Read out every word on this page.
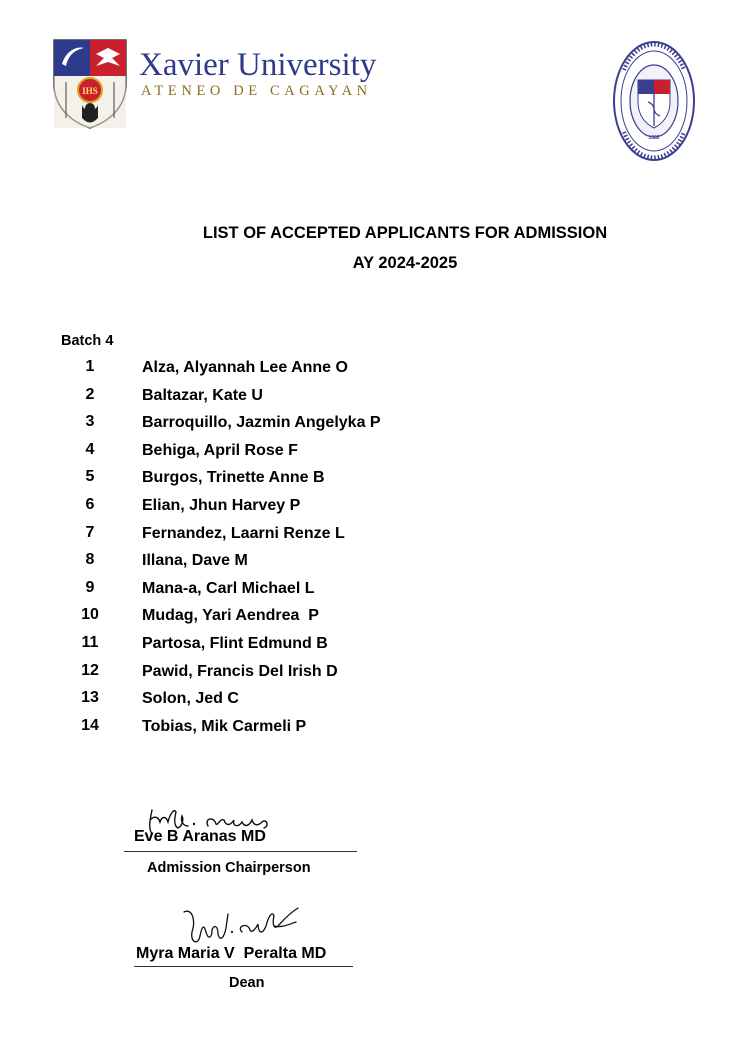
IHS
Xavier University
ATENEO DE CAGAYAN
1982
LIST OF ACCEPTED APPLICANTS FOR ADMISSION
AY 2024-2025
Batch 4
1	Alza, Alyannah Lee Anne O
2	Baltazar, Kate U
3	Barroquillo, Jazmin Angelyka P
4	Behiga, April Rose F
5	Burgos, Trinette Anne B
6	Elian, Jhun Harvey P
7	Fernandez, Laarni Renze L
8	Illana, Dave M
9	Mana-a, Carl Michael L
10	Mudag, Yari Aendrea  P
11	Partosa, Flint Edmund B
12	Pawid, Francis Del Irish D
13	Solon, Jed C
14	Tobias, Mik Carmeli P
Eve B Aranas MD
Admission Chairperson
Myra Maria V  Peralta MD
Dean
